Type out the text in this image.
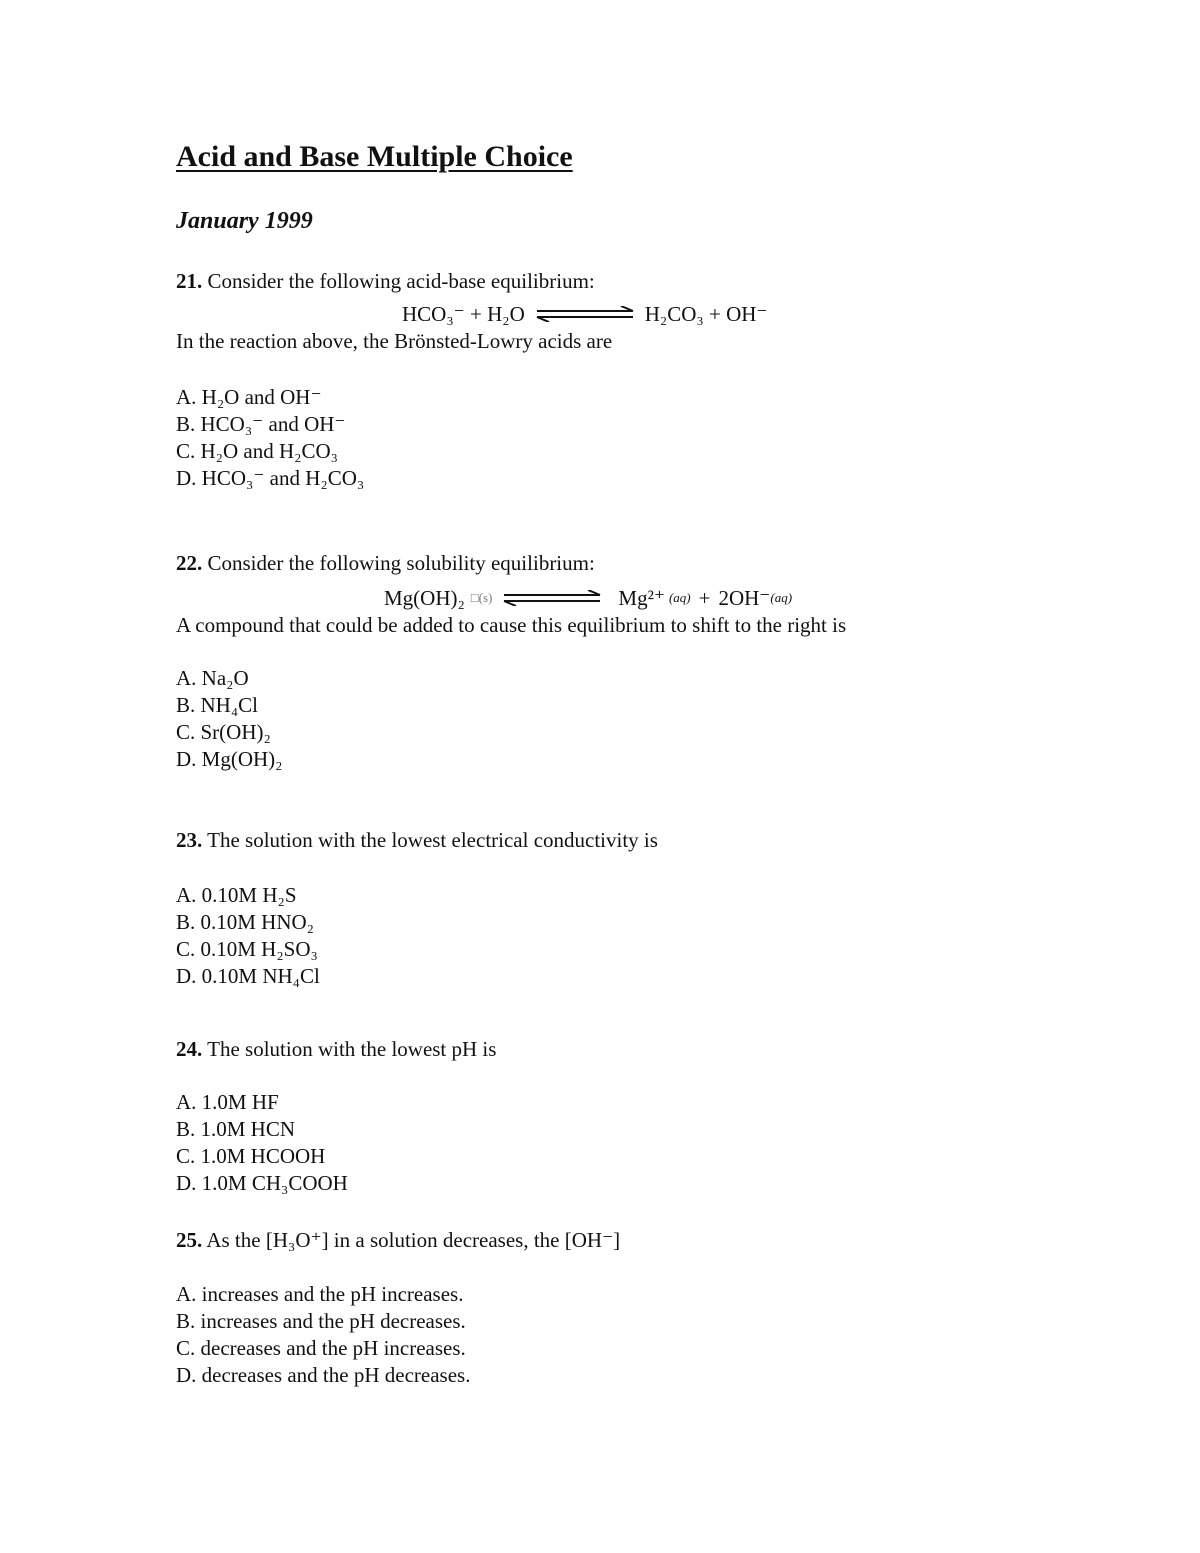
Acid and Base Multiple Choice
January 1999
21. Consider the following acid-base equilibrium:
HCO₃⁻ + H₂O	H₂CO₃ + OH⁻
In the reaction above, the Brönsted-Lowry acids are
A. H₂O and OH⁻
B. HCO₃⁻ and OH⁻
C. H₂O and H₂CO₃
D. HCO₃⁻ and H₂CO₃
22. Consider the following solubility equilibrium:
Mg(OH)₂ □(s)	Mg²⁺ (aq) + 2OH⁻ (aq)
A compound that could be added to cause this equilibrium to shift to the right is
A. Na₂O
B. NH₄Cl
C. Sr(OH)₂
D. Mg(OH)₂
23. The solution with the lowest electrical conductivity is
A. 0.10M H₂S
B. 0.10M HNO₂
C. 0.10M H₂SO₃
D. 0.10M NH₄Cl
24. The solution with the lowest pH is
A. 1.0M HF
B. 1.0M HCN
C. 1.0M HCOOH
D. 1.0M CH₃COOH
25. As the [H₃O⁺] in a solution decreases, the [OH⁻]
A. increases and the pH increases.
B. increases and the pH decreases.
C. decreases and the pH increases.
D. decreases and the pH decreases.
